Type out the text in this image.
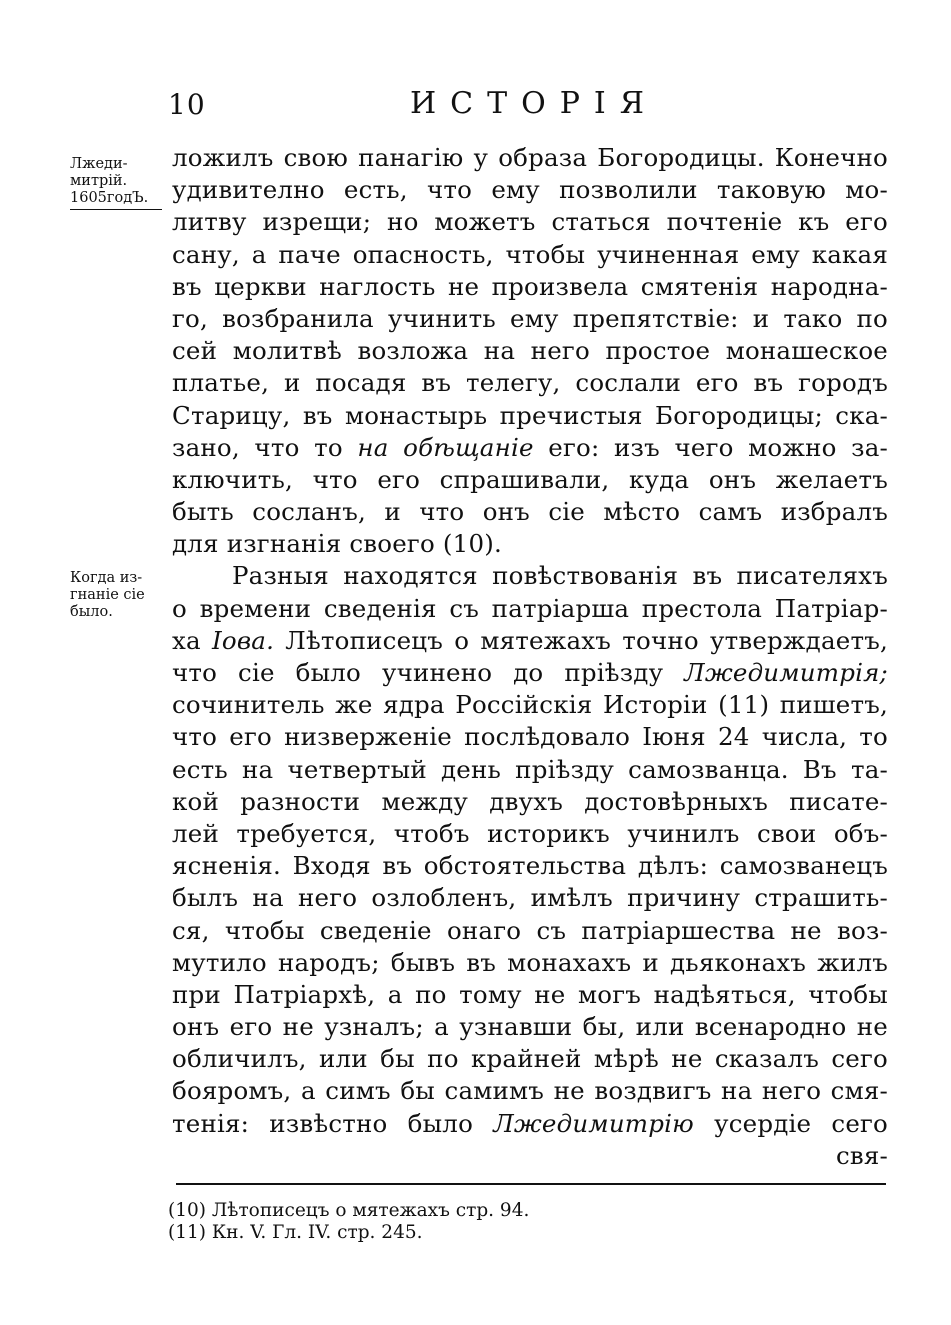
10	ИСТОРІЯ
Лжеди-
митрій.
1605годЪ.
Когда из-
гнаніе сіе
было.
ложилъ свою панагію у образа Богородицы. Конечно
удивително есть, что ему позволили таковую мо-
литву изрещи; но можетъ статься почтеніе къ его
сану, а паче опасность, чтобы учиненная ему какая
въ церкви наглость не произвела смятенія народна-
го, возбранила учинить ему препятствіе: и тако по
сей молитвѣ возложа на него простое монашеское
платье, и посадя въ телегу, сослали его въ городъ
Старицу, въ монастырь пречистыя Богородицы; ска-
зано, что то на обѣщаніе его: изъ чего можно за-
ключить, что его спрашивали, куда онъ желаетъ
быть сосланъ, и что онъ сіе мѣсто самъ избралъ
для изгнанія своего (10).
Разныя находятся повѣствованія въ писателяхъ
о времени сведенія съ патріарша престола Патріар-
ха Іова. Лѣтописецъ о мятежахъ точно утверждаетъ,
что сіе было учинено до пріѣзду Лжедимитрія;
сочинитель же ядра Россійскія Исторіи (11) пишетъ,
что его низверженіе послѣдовало Іюня 24 числа, то
есть на четвертый день пріѣзду самозванца. Въ та-
кой разности между двухъ достовѣрныхъ писате-
лей требуется, чтобъ историкъ учинилъ свои объ-
ясненія. Входя въ обстоятельства дѣлъ: самозванецъ
былъ на него озлобленъ, имѣлъ причину страшить-
ся, чтобы сведеніе онаго съ патріаршества не воз-
мутило народъ; бывъ въ монахахъ и дьяконахъ жилъ
при Патріархѣ, а по тому не могъ надѣяться, чтобы
онъ его не узналъ; а узнавши бы, или всенародно не
обличилъ, или бы по крайней мѣрѣ не сказалъ сего
бояромъ, а симъ бы самимъ не воздвигъ на него смя-
тенія: извѣстно было Лжедимитрію усердіе сего
свя-
(10) Лѣтописецъ о мятежахъ стр. 94.
(11) Кн. V. Гл. IV. стр. 245.
